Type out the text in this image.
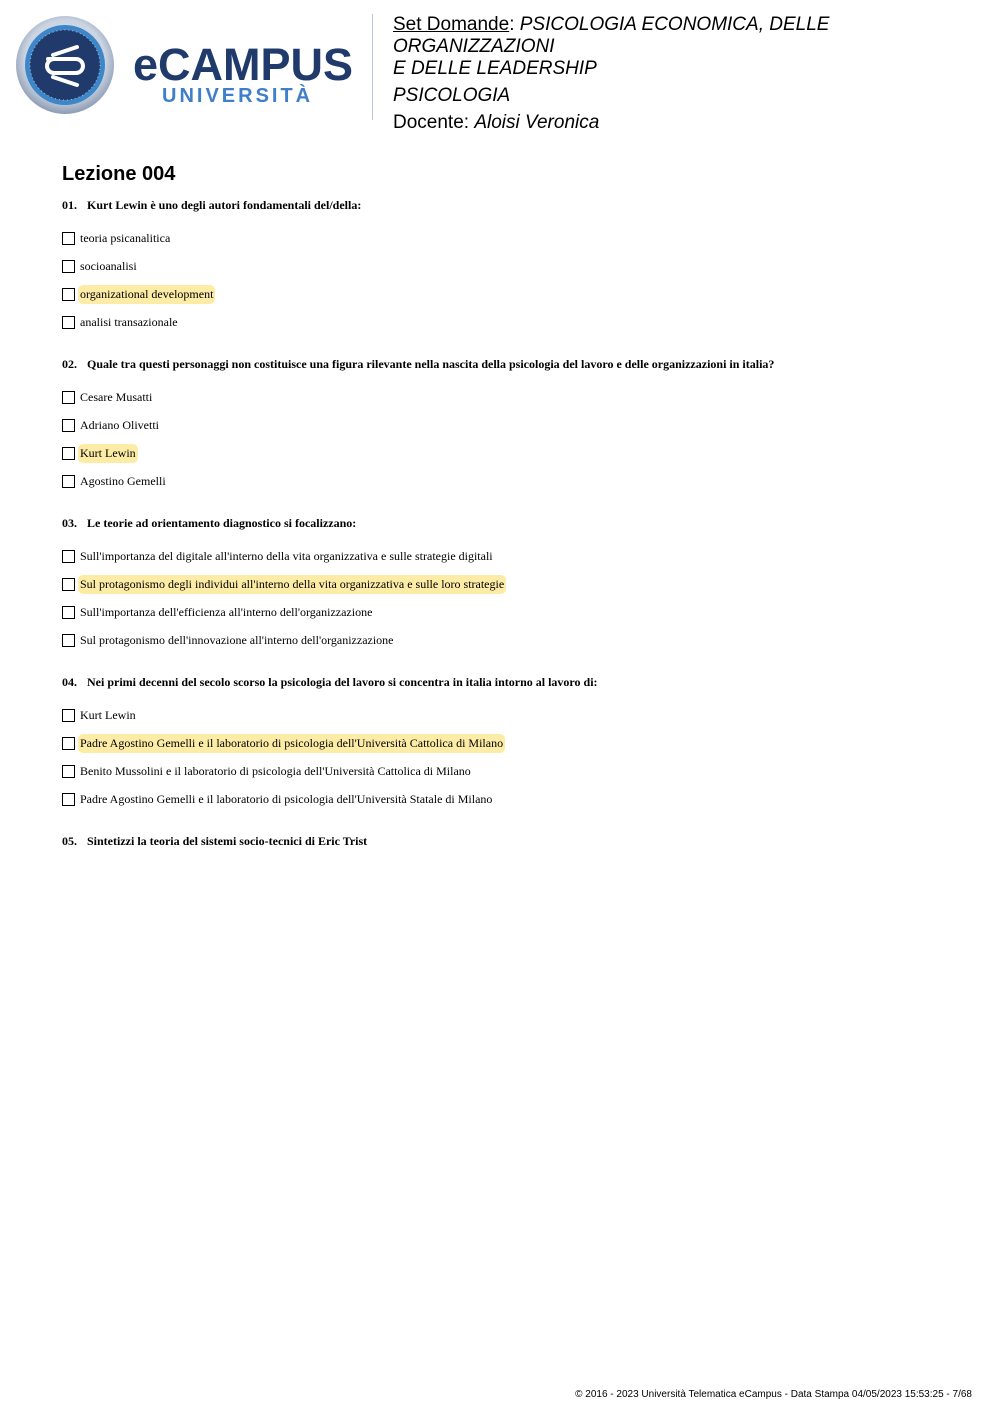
eCAMPUS
UNIVERSITÀ

Set Domande: PSICOLOGIA ECONOMICA, DELLE ORGANIZZAZIONI
E DELLE LEADERSHIP

PSICOLOGIA

Docente: Aloisi Veronica

Lezione 004
01. Kurt Lewin è uno degli autori fondamentali del/della:
teoria psicanalitica
socioanalisi
organizational development
analisi transazionale
02. Quale tra questi personaggi non costituisce una figura rilevante nella nascita della psicologia del lavoro e delle organizzazioni in italia?
Cesare Musatti
Adriano Olivetti
Kurt Lewin
Agostino Gemelli
03. Le teorie ad orientamento diagnostico si focalizzano:
Sull'importanza del digitale all'interno della vita organizzativa e sulle strategie digitali
Sul protagonismo degli individui all'interno della vita organizzativa e sulle loro strategie
Sull'importanza dell'efficienza all'interno dell'organizzazione
Sul protagonismo dell'innovazione all'interno dell'organizzazione
04. Nei primi decenni del secolo scorso la psicologia del lavoro si concentra in italia intorno al lavoro di:
Kurt Lewin
Padre Agostino Gemelli e il laboratorio di psicologia dell'Università Cattolica di Milano
Benito Mussolini e il laboratorio di psicologia dell'Università Cattolica di Milano
Padre Agostino Gemelli e il laboratorio di psicologia dell'Università Statale di Milano
05. Sintetizzi la teoria del sistemi socio-tecnici di Eric Trist
© 2016 - 2023 Università Telematica eCampus - Data Stampa 04/05/2023 15:53:25 - 7/68
